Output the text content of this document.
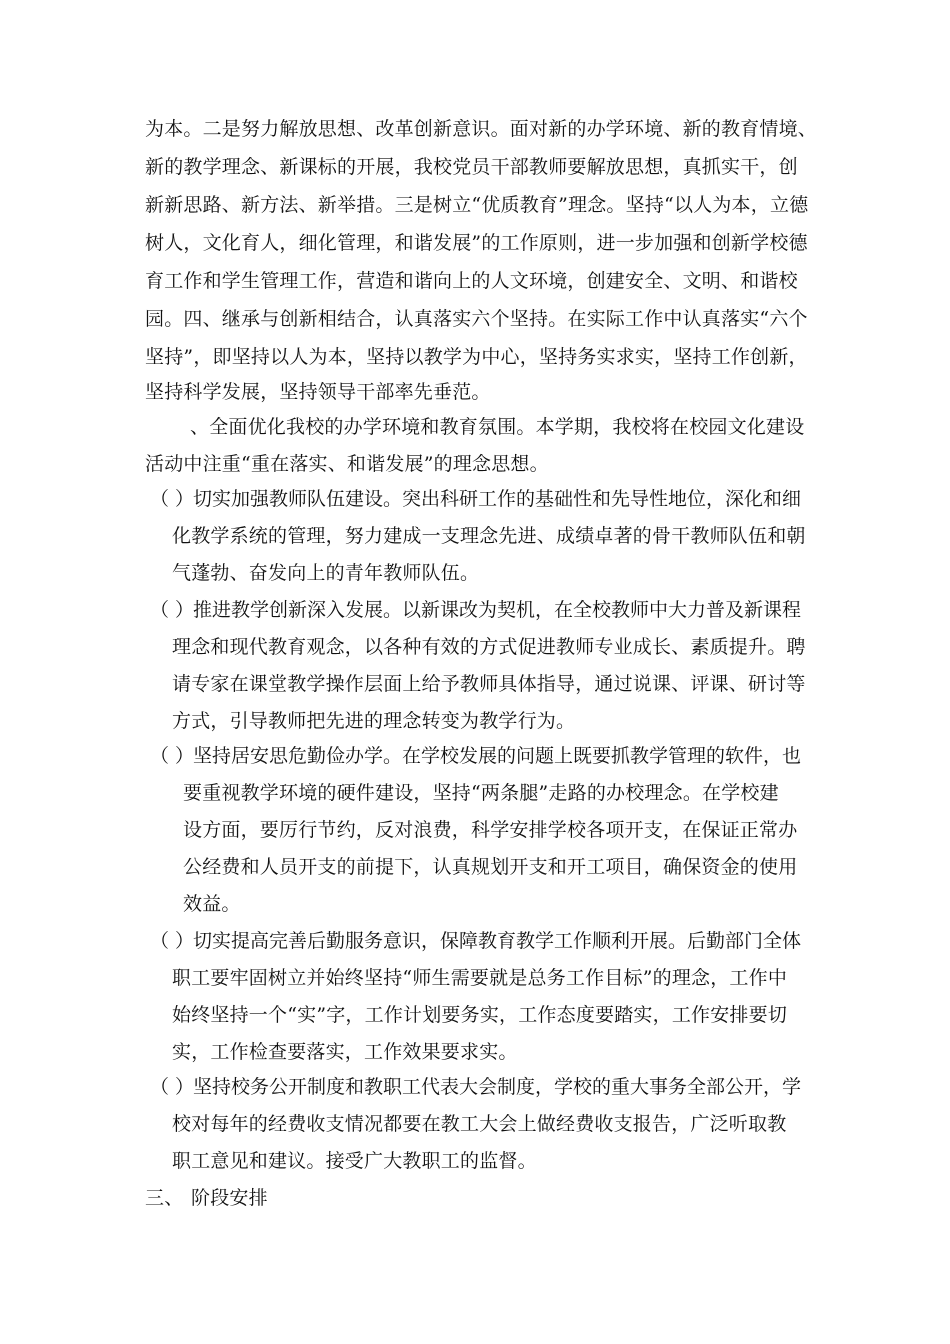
为本。二是努力解放思想、改革创新意识。面对新的办学环境、新的教育情境、
新的教学理念、新课标的开展，我校党员干部教师要解放思想，真抓实干，创
新新思路、新方法、新举措。三是树立“优质教育”理念。坚持“以人为本，立德
树人，文化育人，细化管理，和谐发展”的工作原则，进一步加强和创新学校德
育工作和学生管理工作，营造和谐向上的人文环境，创建安全、文明、和谐校
园。四、继承与创新相结合，认真落实六个坚持。在实际工作中认真落实“六个
坚持”，即坚持以人为本，坚持以教学为中心，坚持务实求实，坚持工作创新，
坚持科学发展，坚持领导干部率先垂范。
、全面优化我校的办学环境和教育氛围。本学期，我校将在校园文化建设
活动中注重“重在落实、和谐发展”的理念思想。
（ ）
切实加强教师队伍建设。突出科研工作的基础性和先导性地位，深化和细
化教学系统的管理，努力建成一支理念先进、成绩卓著的骨干教师队伍和朝
气蓬勃、奋发向上的青年教师队伍。
（ ）
推进教学创新深入发展。以新课改为契机，在全校教师中大力普及新课程
理念和现代教育观念，以各种有效的方式促进教师专业成长、素质提升。聘
请专家在课堂教学操作层面上给予教师具体指导，通过说课、评课、研讨等
方式，引导教师把先进的理念转变为教学行为。
（ ）
坚持居安思危勤俭办学。在学校发展的问题上既要抓教学管理的软件，也
要重视教学环境的硬件建设，坚持“两条腿”走路的办校理念。在学校建
设方面，要厉行节约，反对浪费，科学安排学校各项开支，在保证正常办
公经费和人员开支的前提下，认真规划开支和开工项目，确保资金的使用
效益。
（ ）
切实提高完善后勤服务意识，保障教育教学工作顺利开展。后勤部门全体
职工要牢固树立并始终坚持“师生需要就是总务工作目标”的理念，工作中
始终坚持一个“实”字，工作计划要务实，工作态度要踏实，工作安排要切
实，工作检查要落实，工作效果要求实。
（ ）
坚持校务公开制度和教职工代表大会制度，学校的重大事务全部公开，学
校对每年的经费收支情况都要在教工大会上做经费收支报告，广泛听取教
职工意见和建议。接受广大教职工的监督。
三、 阶段安排
